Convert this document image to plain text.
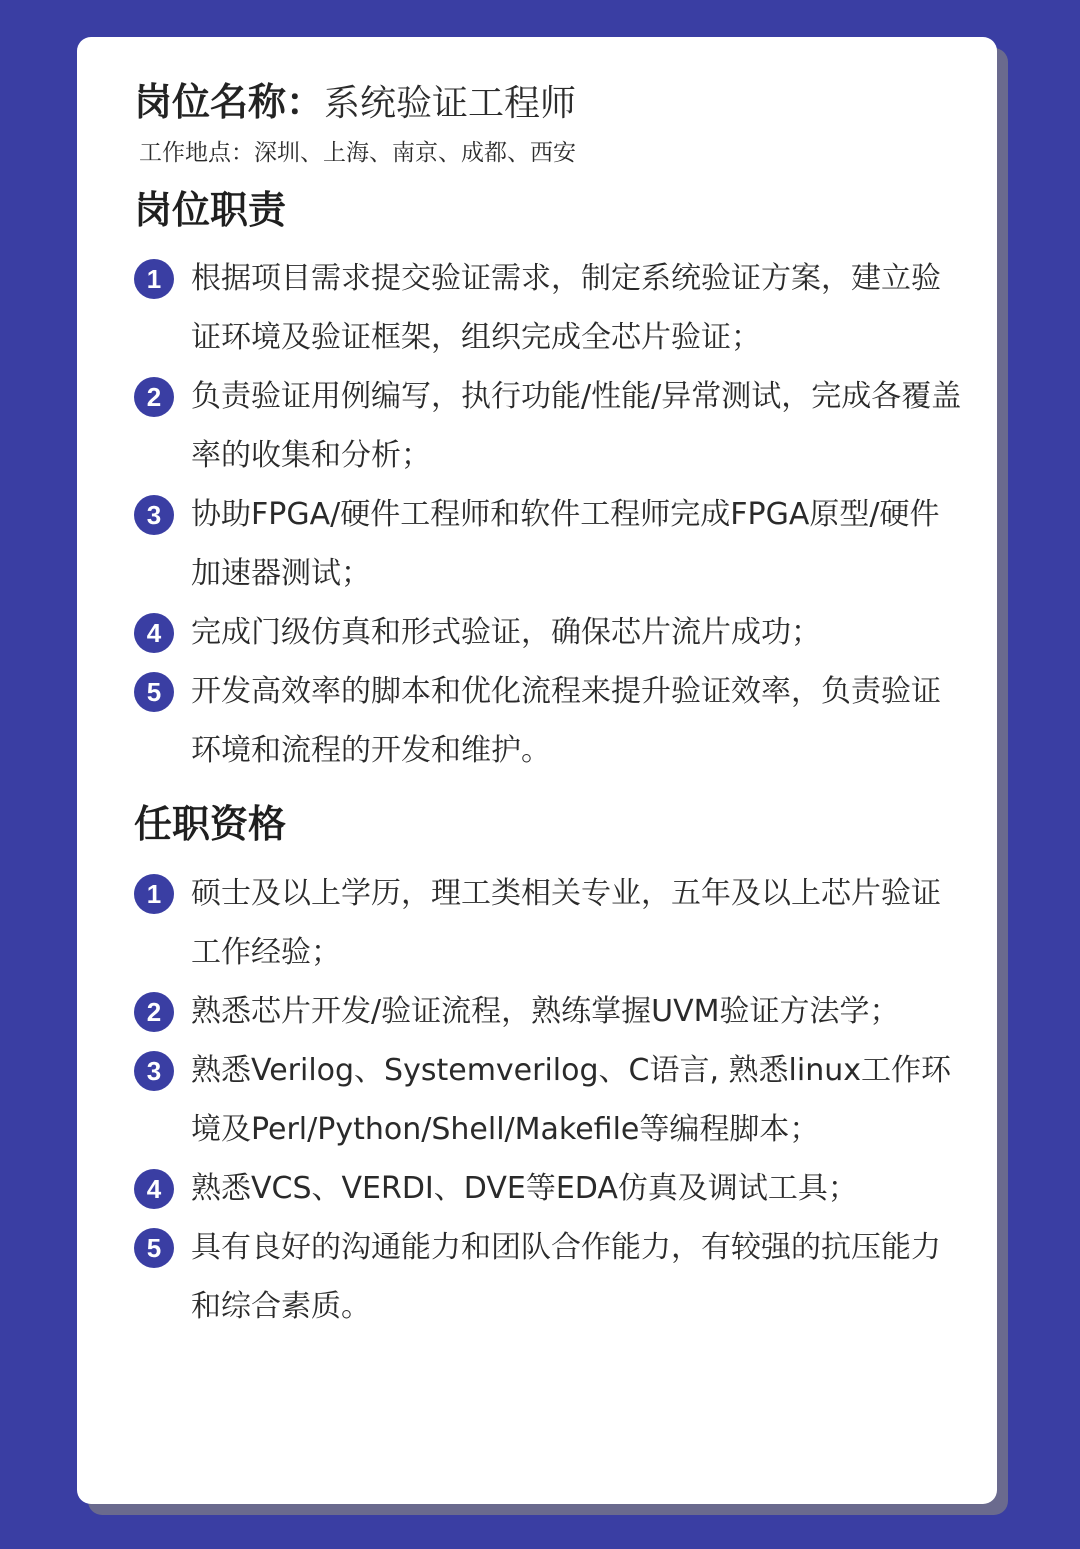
岗位名称：系统验证工程师
工作地点：深圳、上海、南京、成都、西安
岗位职责
1 根据项目需求提交验证需求，制定系统验证方案，建立验证环境及验证框架，组织完成全芯片验证；
2 负责验证用例编写，执行功能/性能/异常测试，完成各覆盖率的收集和分析；
3 协助FPGA/硬件工程师和软件工程师完成FPGA原型/硬件加速器测试；
4 完成门级仿真和形式验证，确保芯片流片成功；
5 开发高效率的脚本和优化流程来提升验证效率，负责验证环境和流程的开发和维护。
任职资格
1 硕士及以上学历，理工类相关专业，五年及以上芯片验证工作经验；
2 熟悉芯片开发/验证流程，熟练掌握UVM验证方法学；
3 熟悉Verilog、Systemverilog、C语言, 熟悉linux工作环境及Perl/Python/Shell/Makefile等编程脚本；
4 熟悉VCS、VERDI、DVE等EDA仿真及调试工具；
5 具有良好的沟通能力和团队合作能力，有较强的抗压能力和综合素质。
